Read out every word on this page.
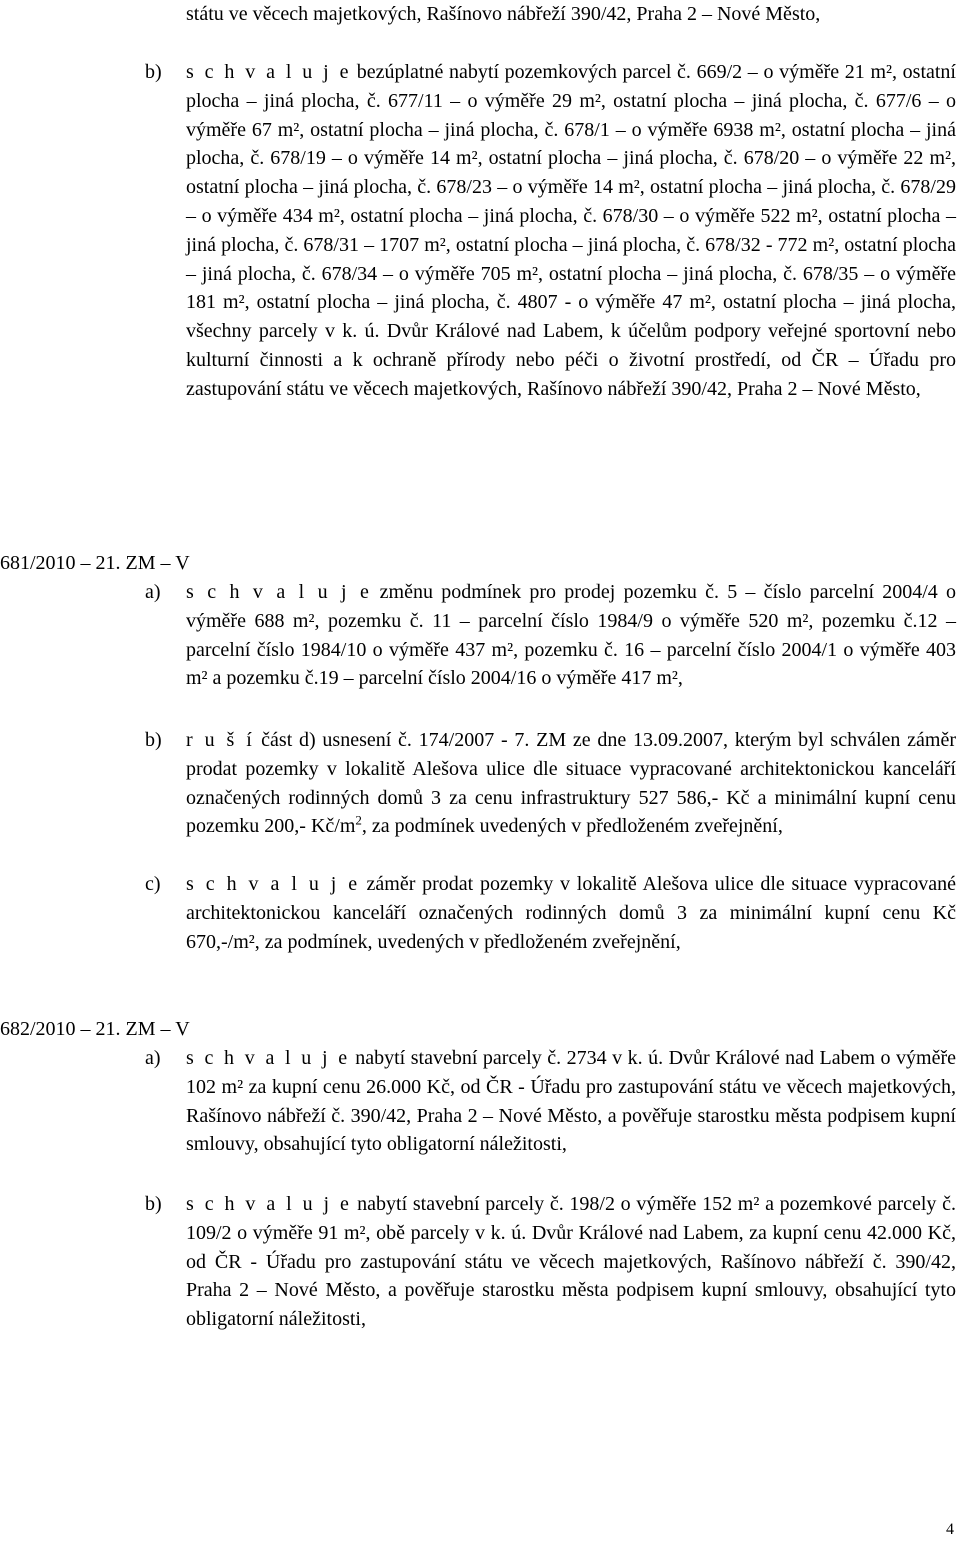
státu ve věcech majetkových, Rašínovo nábřeží 390/42, Praha 2 – Nové Město,
b)	s c h v a l u j e bezúplatné nabytí pozemkových parcel č. 669/2 – o výměře 21 m², ostatní plocha – jiná plocha, č. 677/11 – o výměře 29 m², ostatní plocha – jiná plocha, č. 677/6 – o výměře 67 m², ostatní plocha – jiná plocha, č. 678/1 – o výměře 6938 m², ostatní plocha – jiná plocha, č. 678/19 – o výměře 14 m², ostatní plocha – jiná plocha, č. 678/20 – o výměře 22 m², ostatní plocha – jiná plocha, č. 678/23 – o výměře 14 m², ostatní plocha – jiná plocha, č. 678/29 – o výměře 434 m², ostatní plocha – jiná plocha, č. 678/30 – o výměře 522 m², ostatní plocha – jiná plocha, č. 678/31 – 1707 m², ostatní plocha – jiná plocha, č. 678/32 - 772 m², ostatní plocha – jiná plocha, č. 678/34 – o výměře 705 m², ostatní plocha – jiná plocha, č. 678/35 – o výměře 181 m², ostatní plocha – jiná plocha, č. 4807 - o výměře 47 m², ostatní plocha – jiná plocha, všechny parcely v k. ú. Dvůr Králové nad Labem, k účelům podpory veřejné sportovní nebo kulturní činnosti a k ochraně přírody nebo péči o životní prostředí, od ČR – Úřadu pro zastupování státu ve věcech majetkových, Rašínovo nábřeží 390/42, Praha 2 – Nové Město,
681/2010 – 21. ZM – V
a)	s c h v a l u j e změnu podmínek pro prodej pozemku č. 5 – číslo parcelní 2004/4 o výměře 688 m², pozemku č. 11 – parcelní číslo 1984/9 o výměře 520 m², pozemku č.12 – parcelní číslo 1984/10 o výměře 437 m², pozemku č. 16 – parcelní číslo 2004/1 o výměře 403 m² a pozemku č.19 – parcelní číslo 2004/16 o výměře 417 m²,
b)	r u š í část d) usnesení č. 174/2007 - 7. ZM ze dne 13.09.2007, kterým byl schválen záměr prodat pozemky v lokalitě Alešova ulice dle situace vypracované architektonickou kanceláří označených rodinných domů 3 za cenu infrastruktury 527 586,- Kč a minimální kupní cenu pozemku 200,- $Kč/m^2$, za podmínek uvedených v předloženém zveřejnění,
c)	s c h v a l u j e záměr prodat pozemky v lokalitě Alešova ulice dle situace vypracované architektonickou kanceláří označených rodinných domů 3 za minimální kupní cenu Kč 670,-/m², za podmínek, uvedených v předloženém zveřejnění,
682/2010 – 21. ZM – V
a)	s c h v a l u j e nabytí stavební parcely č. 2734 v k. ú. Dvůr Králové nad Labem o výměře 102 m² za kupní cenu 26.000 Kč, od ČR - Úřadu pro zastupování státu ve věcech majetkových, Rašínovo nábřeží č. 390/42, Praha 2 – Nové Město, a pověřuje starostku města podpisem kupní smlouvy, obsahující tyto obligatorní náležitosti,
b)	s c h v a l u j e nabytí stavební parcely č. 198/2 o výměře 152 m² a pozemkové parcely č. 109/2 o výměře 91 m², obě parcely v k. ú. Dvůr Králové nad Labem, za kupní cenu 42.000 Kč, od ČR - Úřadu pro zastupování státu ve věcech majetkových, Rašínovo nábřeží č. 390/42, Praha 2 – Nové Město, a pověřuje starostku města podpisem kupní smlouvy, obsahující tyto obligatorní náležitosti,
4
